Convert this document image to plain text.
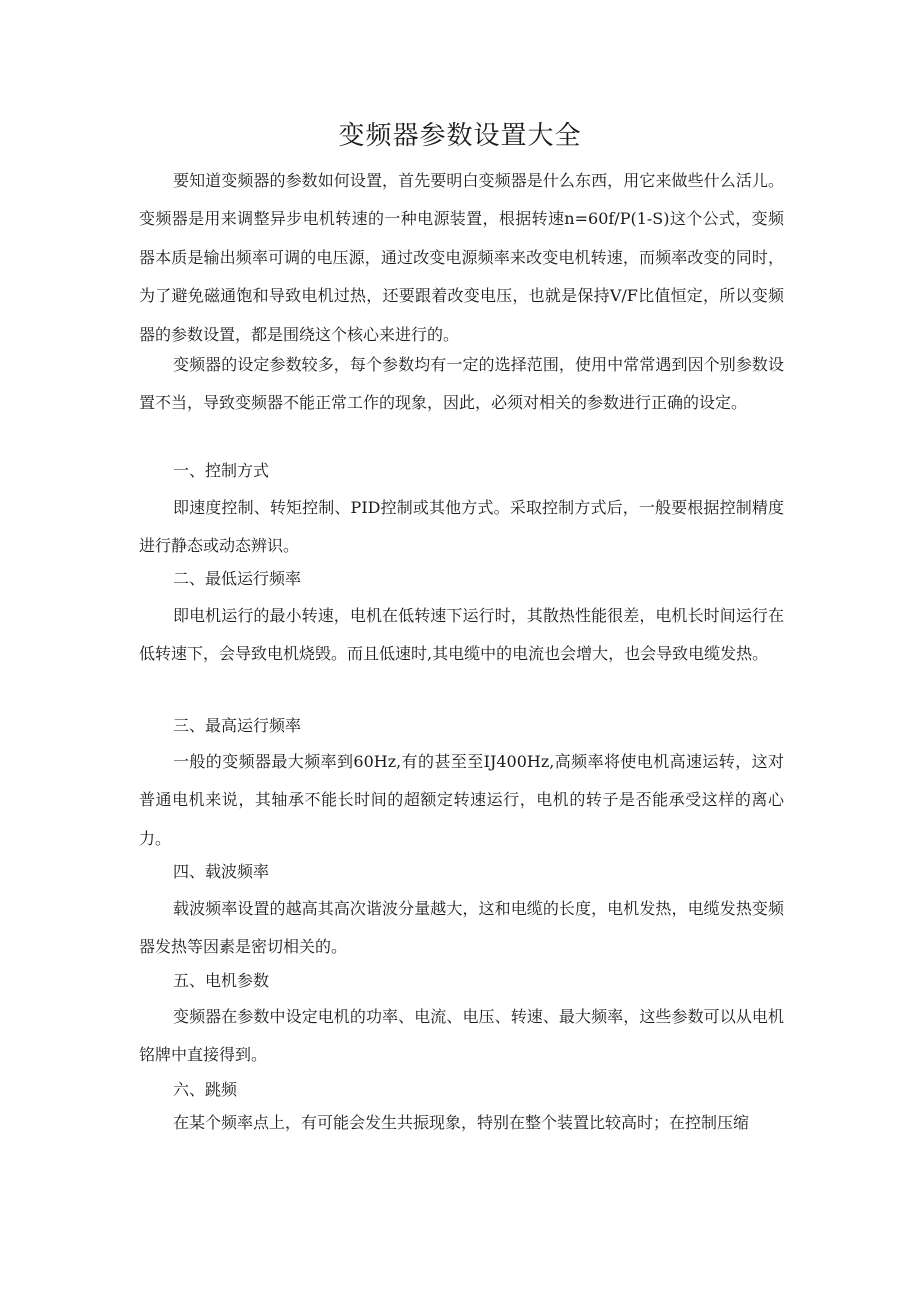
变频器参数设置大全

要知道变频器的参数如何设置，首先要明白变频器是什么东西，用它来做些什么活儿。变频器是用来调整异步电机转速的一种电源装置，根据转速n=60f/P(1-S)这个公式，变频器本质是输出频率可调的电压源，通过改变电源频率来改变电机转速，而频率改变的同时，为了避免磁通饱和导致电机过热，还要跟着改变电压，也就是保持V/F比值恒定，所以变频器的参数设置，都是围绕这个核心来进行的。

变频器的设定参数较多，每个参数均有一定的选择范围，使用中常常遇到因个别参数设置不当，导致变频器不能正常工作的现象，因此，必须对相关的参数进行正确的设定。

一、控制方式

即速度控制、转矩控制、PID控制或其他方式。采取控制方式后，一般要根据控制精度进行静态或动态辨识。

二、最低运行频率

即电机运行的最小转速，电机在低转速下运行时，其散热性能很差，电机长时间运行在低转速下，会导致电机烧毁。而且低速时,其电缆中的电流也会增大，也会导致电缆发热。

三、最高运行频率

一般的变频器最大频率到60Hz,有的甚至至IJ400Hz,高频率将使电机高速运转，这对普通电机来说，其轴承不能长时间的超额定转速运行，电机的转子是否能承受这样的离心力。

四、载波频率

载波频率设置的越高其高次谐波分量越大，这和电缆的长度，电机发热，电缆发热变频器发热等因素是密切相关的。

五、电机参数

变频器在参数中设定电机的功率、电流、电压、转速、最大频率，这些参数可以从电机铭牌中直接得到。

六、跳频

在某个频率点上，有可能会发生共振现象，特别在整个装置比较高时；在控制压缩
